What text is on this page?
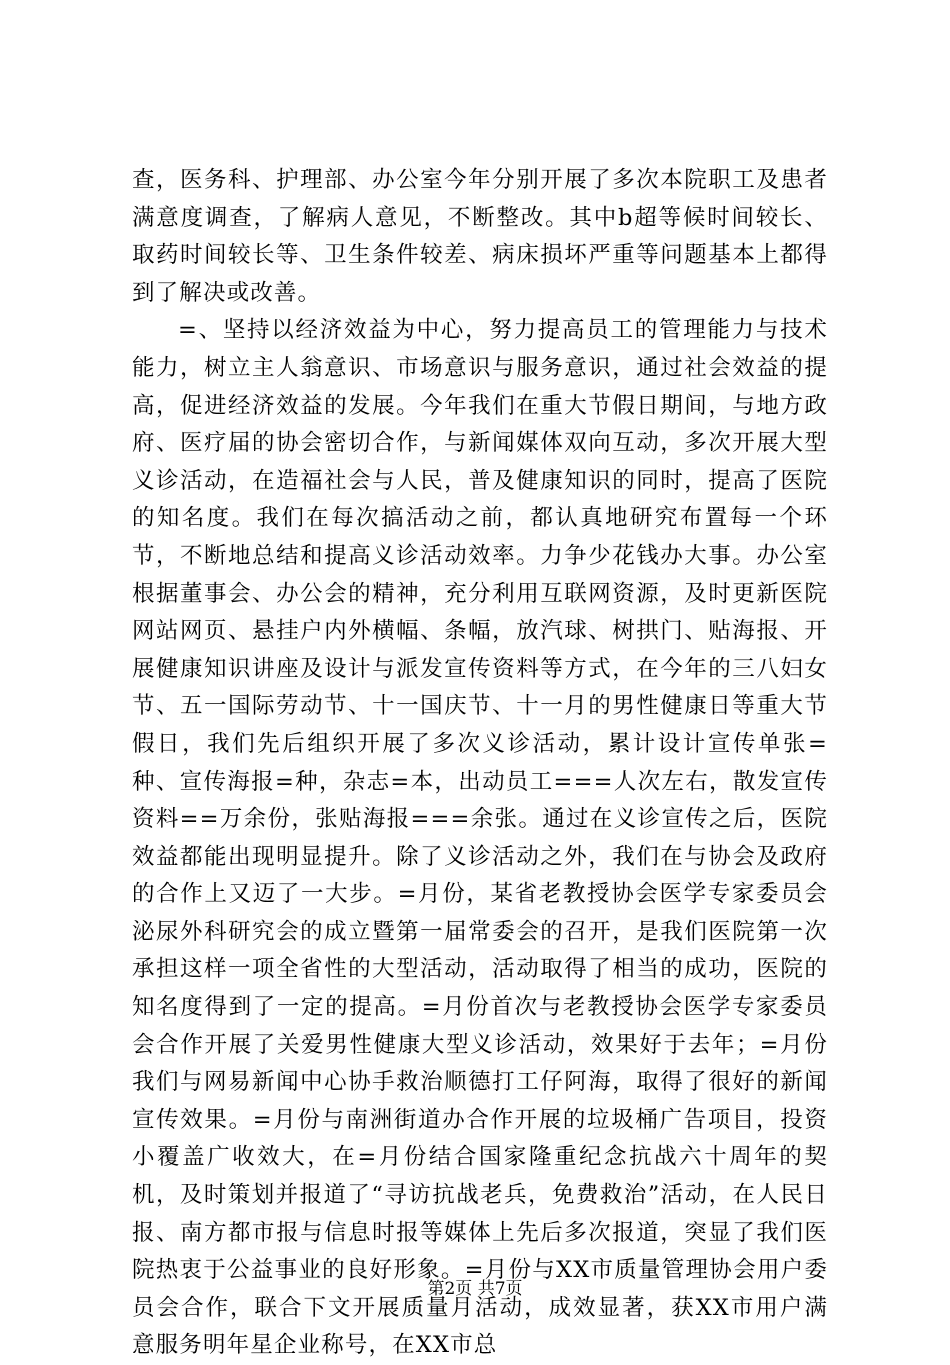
查，医务科、护理部、办公室今年分别开展了多次本院职工及患者满意度调查，了解病人意见，不断整改。其中b超等候时间较长、取药时间较长等、卫生条件较差、病床损坏严重等问题基本上都得到了解决或改善。

=、坚持以经济效益为中心，努力提高员工的管理能力与技术能力，树立主人翁意识、市场意识与服务意识，通过社会效益的提高，促进经济效益的发展。今年我们在重大节假日期间，与地方政府、医疗届的协会密切合作，与新闻媒体双向互动，多次开展大型义诊活动，在造福社会与人民，普及健康知识的同时，提高了医院的知名度。我们在每次搞活动之前，都认真地研究布置每一个环节，不断地总结和提高义诊活动效率。力争少花钱办大事。办公室根据董事会、办公会的精神，充分利用互联网资源，及时更新医院网站网页、悬挂户内外横幅、条幅，放汽球、树拱门、贴海报、开展健康知识讲座及设计与派发宣传资料等方式，在今年的三八妇女节、五一国际劳动节、十一国庆节、十一月的男性健康日等重大节假日，我们先后组织开展了多次义诊活动，累计设计宣传单张=种、宣传海报=种，杂志=本，出动员工===人次左右，散发宣传资料==万余份，张贴海报===余张。通过在义诊宣传之后，医院效益都能出现明显提升。除了义诊活动之外，我们在与协会及政府的合作上又迈了一大步。=月份，某省老教授协会医学专家委员会泌尿外科研究会的成立暨第一届常委会的召开，是我们医院第一次承担这样一项全省性的大型活动，活动取得了相当的成功，医院的知名度得到了一定的提高。=月份首次与老教授协会医学专家委员会合作开展了关爱男性健康大型义诊活动，效果好于去年；=月份我们与网易新闻中心协手救治顺德打工仔阿海，取得了很好的新闻宣传效果。=月份与南洲街道办合作开展的垃圾桶广告项目，投资小覆盖广收效大，在=月份结合国家隆重纪念抗战六十周年的契机，及时策划并报道了“寻访抗战老兵，免费救治”活动，在人民日报、南方都市报与信息时报等媒体上先后多次报道，突显了我们医院热衷于公益事业的良好形象。=月份与XX市质量管理协会用户委员会合作，联合下文开展质量月活动，成效显著，获XX市用户满意服务明年星企业称号，在XX市总

第2页 共7页
